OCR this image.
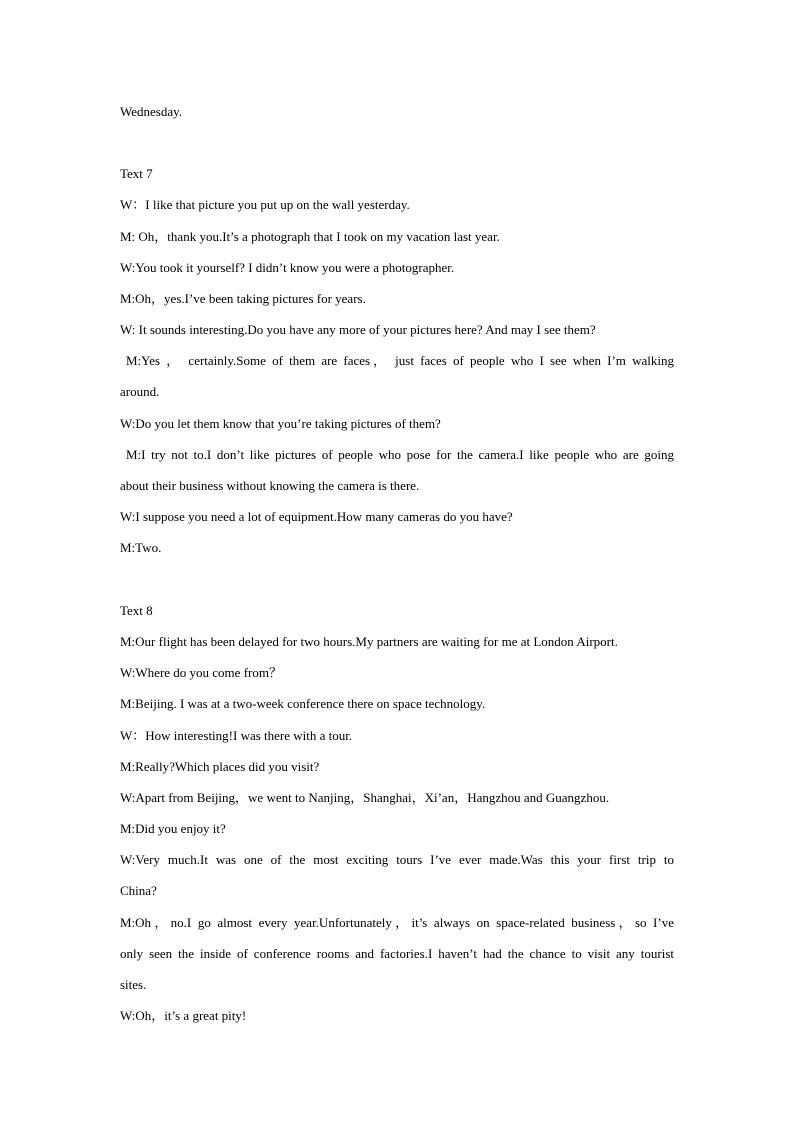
Wednesday.
Text 7
W：I like that picture you put up on the wall yesterday.
M: Oh，thank you.It’s a photograph that I took on my vacation last year.
W:You took it yourself? I didn’t know you were a photographer.
M:Oh，yes.I’ve been taking pictures for years.
W: It sounds interesting.Do you have any more of your pictures here? And may I see them?
M:Yes ， certainly.Some of them are faces， just faces of people who I see when I’m walking
around.
W:Do you let them know that you’re taking pictures of them?
M:I try not to.I don’t like pictures of people who pose for the camera.I like people who are going
about their business without knowing the camera is there.
W:I suppose you need a lot of equipment.How many cameras do you have?
M:Two.
Text 8
M:Our flight has been delayed for two hours.My partners are waiting for me at London Airport.
W:Where do you come from？
M:Beijing. I was at a two-week conference there on space technology.
W：How interesting!I was there with a tour.
M:Really?Which places did you visit?
W:Apart from Beijing，we went to Nanjing，Shanghai，Xi’an，Hangzhou and Guangzhou.
M:Did you enjoy it?
W:Very much.It was one of the most exciting tours I’ve ever made.Was this your first trip to
China?
M:Oh，no.I go almost every year.Unfortunately，it’s always on space-related business，so I’ve
only seen the inside of conference rooms and factories.I haven’t had the chance to visit any tourist
sites.
W:Oh，it’s a great pity!
